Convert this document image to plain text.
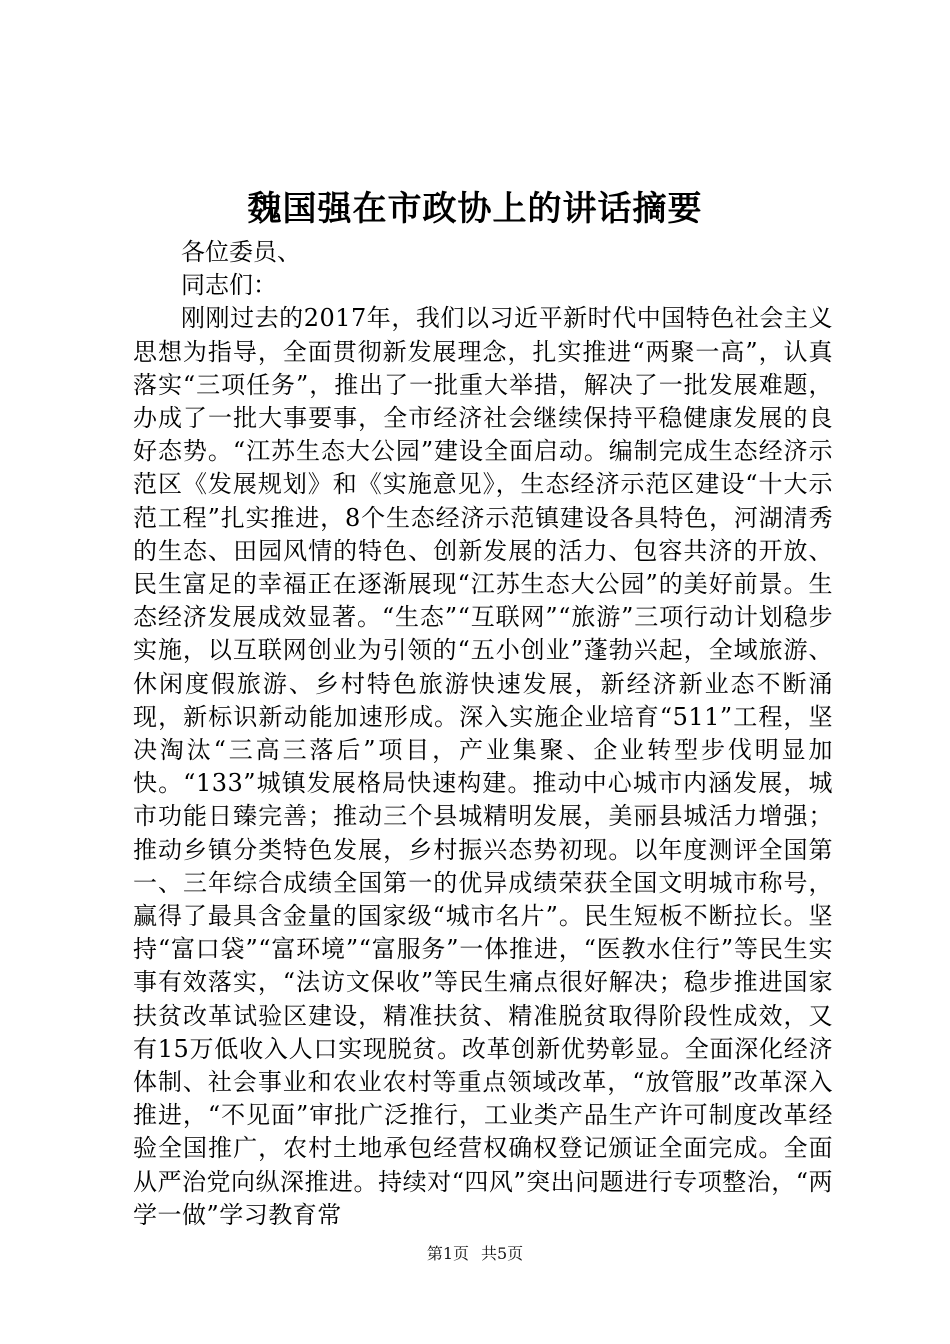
魏国强在市政协上的讲话摘要

各位委员、

同志们：

刚刚过去的2017年，我们以习近平新时代中国特色社会主义思想为指导，全面贯彻新发展理念，扎实推进“两聚一高”，认真落实“三项任务”，推出了一批重大举措，解决了一批发展难题，办成了一批大事要事，全市经济社会继续保持平稳健康发展的良好态势。“江苏生态大公园”建设全面启动。编制完成生态经济示范区《发展规划》和《实施意见》，生态经济示范区建设“十大示范工程”扎实推进，8个生态经济示范镇建设各具特色，河湖清秀的生态、田园风情的特色、创新发展的活力、包容共济的开放、民生富足的幸福正在逐渐展现“江苏生态大公园”的美好前景。生态经济发展成效显著。“生态”“互联网”“旅游”三项行动计划稳步实施，以互联网创业为引领的“五小创业”蓬勃兴起，全域旅游、休闲度假旅游、乡村特色旅游快速发展，新经济新业态不断涌现，新标识新动能加速形成。深入实施企业培育“511”工程，坚决淘汰“三高三落后”项目，产业集聚、企业转型步伐明显加快。“133”城镇发展格局快速构建。推动中心城市内涵发展，城市功能日臻完善；推动三个县城精明发展，美丽县城活力增强；推动乡镇分类特色发展，乡村振兴态势初现。以年度测评全国第一、三年综合成绩全国第一的优异成绩荣获全国文明城市称号，赢得了最具含金量的国家级“城市名片”。民生短板不断拉长。坚持“富口袋”“富环境”“富服务”一体推进，“医教水住行”等民生实事有效落实，“法访文保收”等民生痛点很好解决；稳步推进国家扶贫改革试验区建设，精准扶贫、精准脱贫取得阶段性成效，又有15万低收入人口实现脱贫。改革创新优势彰显。全面深化经济体制、社会事业和农业农村等重点领域改革，“放管服”改革深入推进，“不见面”审批广泛推行，工业类产品生产许可制度改革经验全国推广，农村土地承包经营权确权登记颁证全面完成。全面从严治党向纵深推进。持续对“四风”突出问题进行专项整治，“两学一做”学习教育常

第1页 共5页
